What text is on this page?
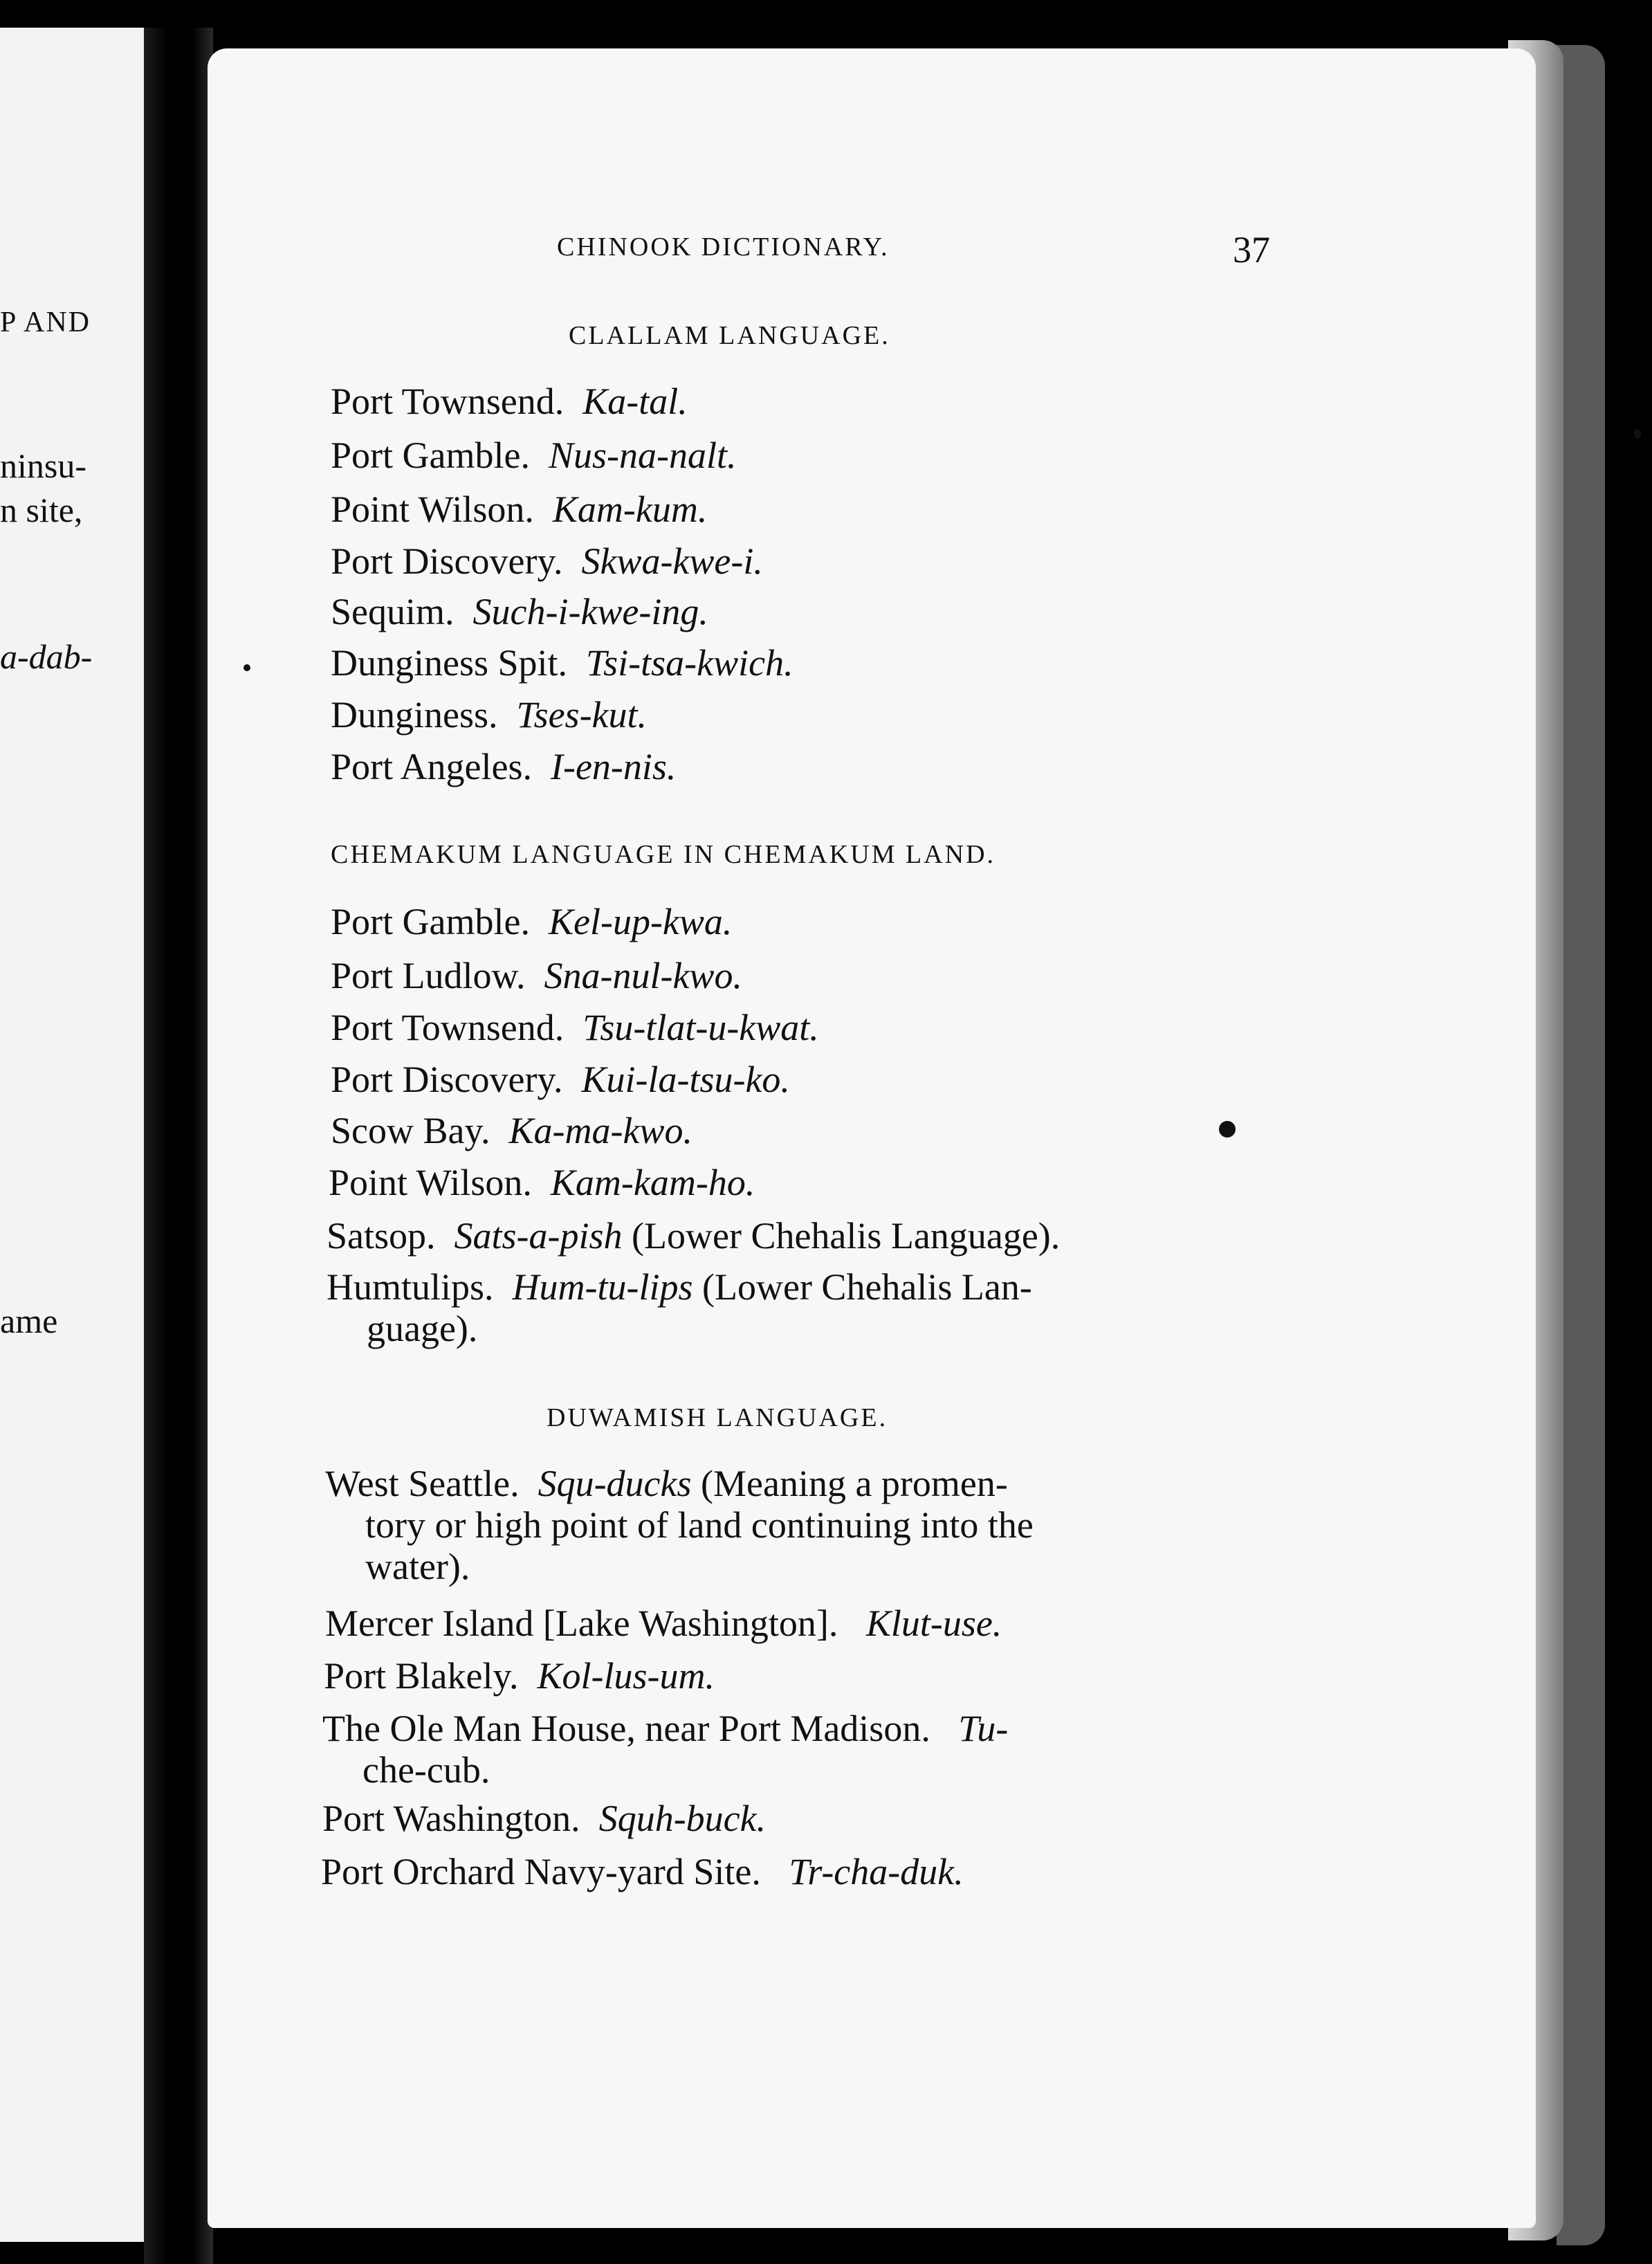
P AND
ninsu-
n site,
a-dab-
ame
CHINOOK DICTIONARY.	37
CLALLAM LANGUAGE.
Port Townsend. Ka-tal.
Port Gamble. Nus-na-nalt.
Point Wilson. Kam-kum.
Port Discovery. Skwa-kwe-i.
Sequim. Such-i-kwe-ing.
Dunginess Spit. Tsi-tsa-kwich.
Dunginess. Tses-kut.
Port Angeles. I-en-nis.
CHEMAKUM LANGUAGE IN CHEMAKUM LAND.
Port Gamble. Kel-up-kwa.
Port Ludlow. Sna-nul-kwo.
Port Townsend. Tsu-tlat-u-kwat.
Port Discovery. Kui-la-tsu-ko.
Scow Bay. Ka-ma-kwo.
Point Wilson. Kam-kam-ho.
Satsop. Sats-a-pish (Lower Chehalis Language).
Humtulips. Hum-tu-lips (Lower Chehalis Lan-
guage).
DUWAMISH LANGUAGE.
West Seattle. Squ-ducks (Meaning a promen-
tory or high point of land continuing into the
water).
Mercer Island [Lake Washington]. Klut-use.
Port Blakely. Kol-lus-um.
The Ole Man House, near Port Madison. Tu-
che-cub.
Port Washington. Squh-buck.
Port Orchard Navy-yard Site. Tr-cha-duk.
